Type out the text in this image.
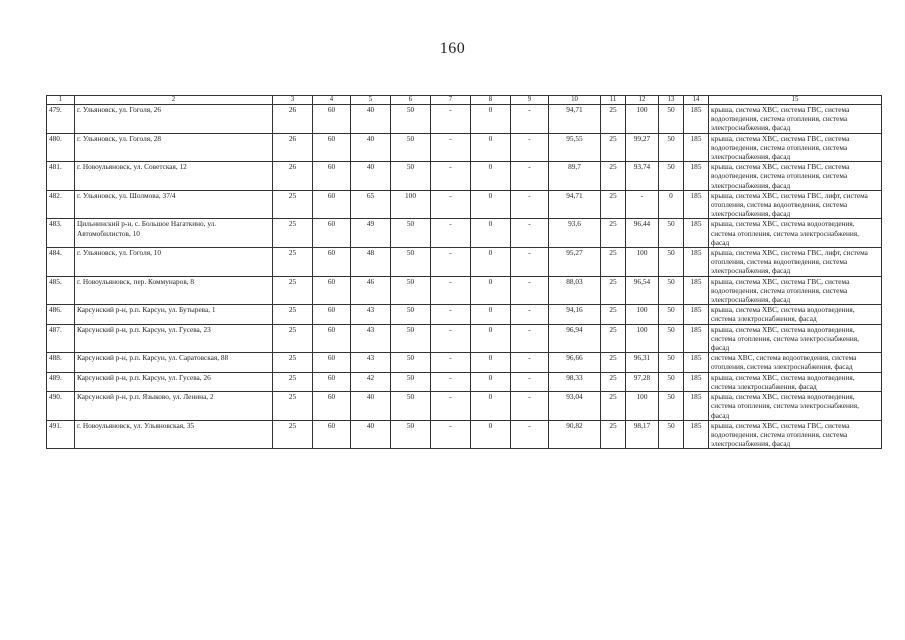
160
1	2	3	4	5	6	7	8	9	10	11	12	13	14	15
479.	г. Ульяновск, ул. Гоголя, 26	26	60	40	50	-	0	-	94,71	25	100	50	185	крыша, система ХВС, система ГВС, система водоотведения, система отопления, система электроснабжения, фасад
480.	г. Ульяновск, ул. Гоголя, 28	26	60	40	50	-	0	-	95,55	25	99,27	50	185	крыша, система ХВС, система ГВС, система водоотведения, система отопления, система электроснабжения, фасад
481.	г. Новоульяновск, ул. Советская, 12	26	60	40	50	-	0	-	89,7	25	93,74	50	185	крыша, система ХВС, система ГВС, система водоотведения, система отопления, система электроснабжения, фасад
482.	г. Ульяновск, ул. Шолмова, 37/4	25	60	65	100	-	0	-	94,71	25	-	0	185	крыша, система ХВС, система ГВС, лифт, система отопления, система водоотведения, система электроснабжения, фасад
483.	Цильнинский р-н, с. Большое Нагаткино, ул. Автомобилистов, 10	25	60	49	50	-	0	-	93,6	25	96,44	50	185	крыша, система ХВС, система водоотведения, система отопления, система электроснабжения, фасад
484.	г. Ульяновск, ул. Гоголя, 10	25	60	48	50	-	0	-	95,27	25	100	50	185	крыша, система ХВС, система ГВС, лифт, система отопления, система водоотведения, система электроснабжения, фасад
485.	г. Новоульяновск, пер. Коммунаров, 8	25	60	46	50	-	0	-	88,03	25	96,54	50	185	крыша, система ХВС, система ГВС, система водоотведения, система отопления, система электроснабжения, фасад
486.	Карсунский р-н, р.п. Карсун, ул. Бутырева, 1	25	60	43	50	-	0	-	94,16	25	100	50	185	крыша, система ХВС, система водоотведения, система электроснабжения, фасад
487.	Карсунский р-н, р.п. Карсун, ул. Гусева, 23	25	60	43	50	-	0	-	96,94	25	100	50	185	крыша, система ХВС, система водоотведения, система отопления, система электроснабжения, фасад
488.	Карсунский р-н, р.п. Карсун, ул. Саратовская, 88	25	60	43	50	-	0	-	96,66	25	96,31	50	185	система ХВС, система водоотведения, система отопления, система электроснабжения, фасад
489.	Карсунский р-н, р.п. Карсун, ул. Гусева, 26	25	60	42	50	-	0	-	98,33	25	97,28	50	185	крыша, система ХВС, система водоотведения, система электроснабжения, фасад
490.	Карсунский р-н, р.п. Языково, ул. Ленина, 2	25	60	40	50	-	0	-	93,04	25	100	50	185	крыша, система ХВС, система водоотведения, система отопления, система электроснабжения, фасад
491.	г. Новоульяновск, ул. Ульяновская, 35	25	60	40	50	-	0	-	90,82	25	98,17	50	185	крыша, система ХВС, система ГВС, система водоотведения, система отопления, система электроснабжения, фасад
